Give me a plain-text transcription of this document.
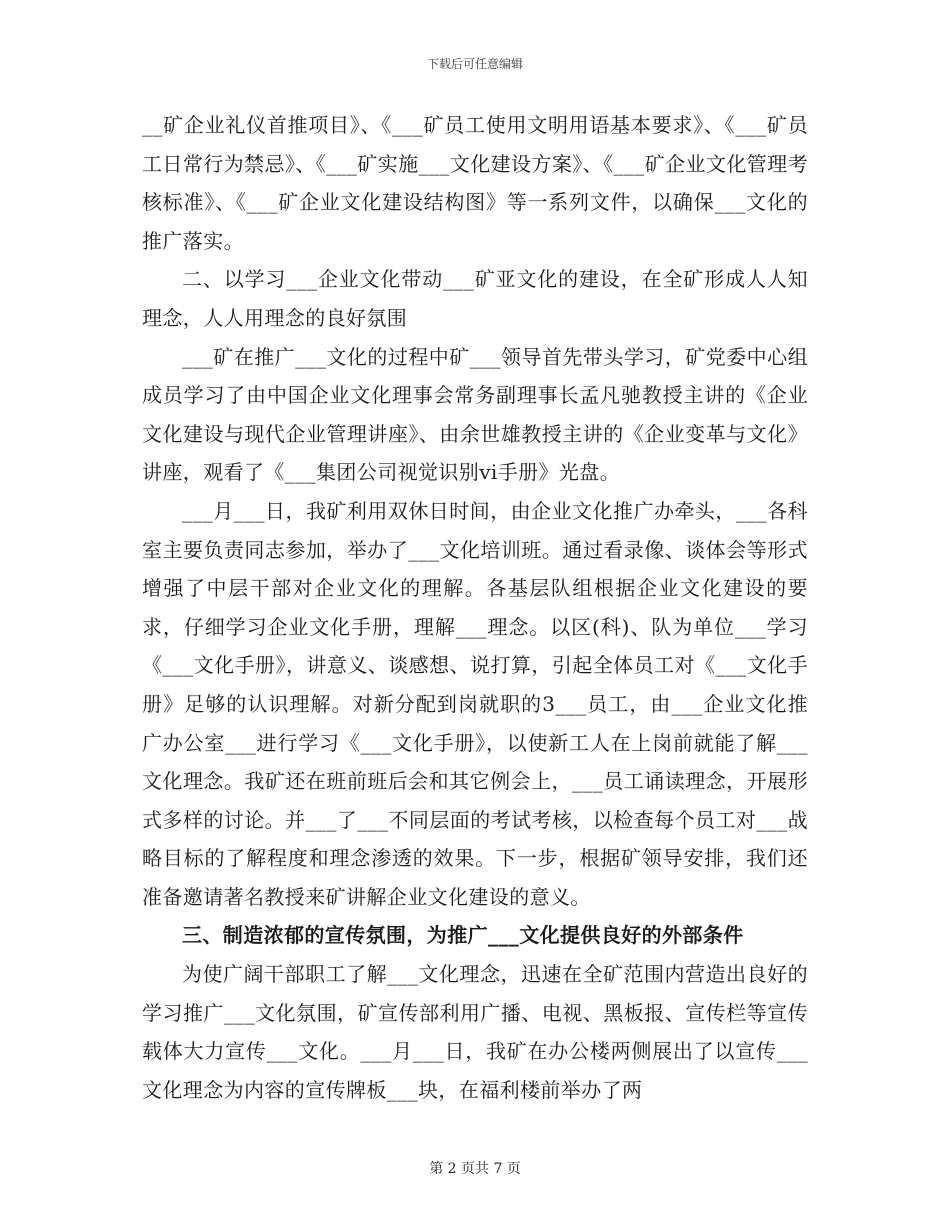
下载后可任意编辑

__矿企业礼仪首推项目》、《___矿员工使用文明用语基本要求》、《___矿员工日常行为禁忌》、《___矿实施___文化建设方案》、《___矿企业文化管理考核标准》、《___矿企业文化建设结构图》等一系列文件，以确保___文化的推广落实。

二、以学习___企业文化带动___矿亚文化的建设，在全矿形成人人知理念，人人用理念的良好氛围

___矿在推广___文化的过程中矿___领导首先带头学习，矿党委中心组成员学习了由中国企业文化理事会常务副理事长孟凡驰教授主讲的《企业文化建设与现代企业管理讲座》、由余世雄教授主讲的《企业变革与文化》讲座，观看了《___集团公司视觉识别vi手册》光盘。

___月___日，我矿利用双休日时间，由企业文化推广办牵头，___各科室主要负责同志参加，举办了___文化培训班。通过看录像、谈体会等形式增强了中层干部对企业文化的理解。各基层队组根据企业文化建设的要求，仔细学习企业文化手册，理解___理念。以区(科)、队为单位___学习《___文化手册》，讲意义、谈感想、说打算，引起全体员工对《___文化手册》足够的认识理解。对新分配到岗就职的3___员工，由___企业文化推广办公室___进行学习《___文化手册》，以使新工人在上岗前就能了解___文化理念。我矿还在班前班后会和其它例会上，___员工诵读理念，开展形式多样的讨论。并___了___不同层面的考试考核，以检查每个员工对___战略目标的了解程度和理念渗透的效果。下一步，根据矿领导安排，我们还准备邀请著名教授来矿讲解企业文化建设的意义。

三、制造浓郁的宣传氛围，为推广___文化提供良好的外部条件

为使广阔干部职工了解___文化理念，迅速在全矿范围内营造出良好的学习推广___文化氛围，矿宣传部利用广播、电视、黑板报、宣传栏等宣传载体大力宣传___文化。___月___日，我矿在办公楼两侧展出了以宣传___文化理念为内容的宣传牌板___块，在福利楼前举办了两

第 2 页共 7 页
